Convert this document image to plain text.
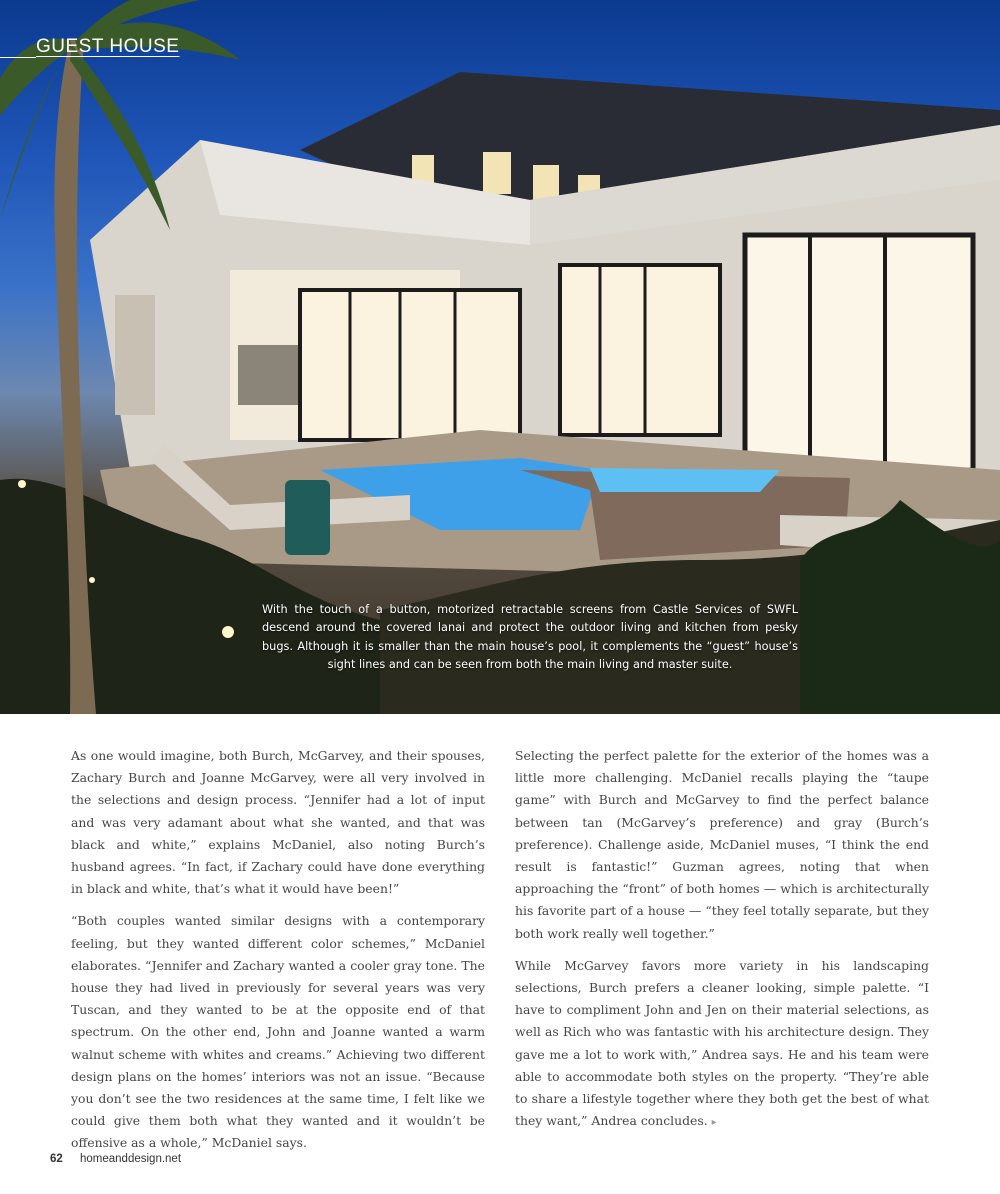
GUEST HOUSE
With the touch of a button, motorized retractable screens from Castle Services of SWFL descend around the covered lanai and protect the outdoor living and kitchen from pesky bugs. Although it is smaller than the main house’s pool, it complements the “guest” house’s sight lines and can be seen from both the main living and master suite.

As one would imagine, both Burch, McGarvey, and their spouses, Zachary Burch and Joanne McGarvey, were all very involved in the selections and design process. “Jennifer had a lot of input and was very adamant about what she wanted, and that was black and white,” explains McDaniel, also noting Burch’s husband agrees. “In fact, if Zachary could have done everything in black and white, that’s what it would have been!”

“Both couples wanted similar designs with a contemporary feeling, but they wanted different color schemes,” McDaniel elaborates. “Jennifer and Zachary wanted a cooler gray tone. The house they had lived in previously for several years was very Tuscan, and they wanted to be at the opposite end of that spectrum. On the other end, John and Joanne wanted a warm walnut scheme with whites and creams.” Achieving two different design plans on the homes’ interiors was not an issue. “Because you don’t see the two residences at the same time, I felt like we could give them both what they wanted and it wouldn’t be offensive as a whole,” McDaniel says.

Selecting the perfect palette for the exterior of the homes was a little more challenging. McDaniel recalls playing the “taupe game” with Burch and McGarvey to find the perfect balance between tan (McGarvey’s preference) and gray (Burch’s preference). Challenge aside, McDaniel muses, “I think the end result is fantastic!” Guzman agrees, noting that when approaching the “front” of both homes — which is architecturally his favorite part of a house — “they feel totally separate, but they both work really well together.”

While McGarvey favors more variety in his landscaping selections, Burch prefers a cleaner looking, simple palette. “I have to compliment John and Jen on their material selections, as well as Rich who was fantastic with his architecture design. They gave me a lot to work with,” Andrea says. He and his team were able to accommodate both styles on the property. “They’re able to share a lifestyle together where they both get the best of what they want,” Andrea concludes. ▸

62 homeanddesign.net
